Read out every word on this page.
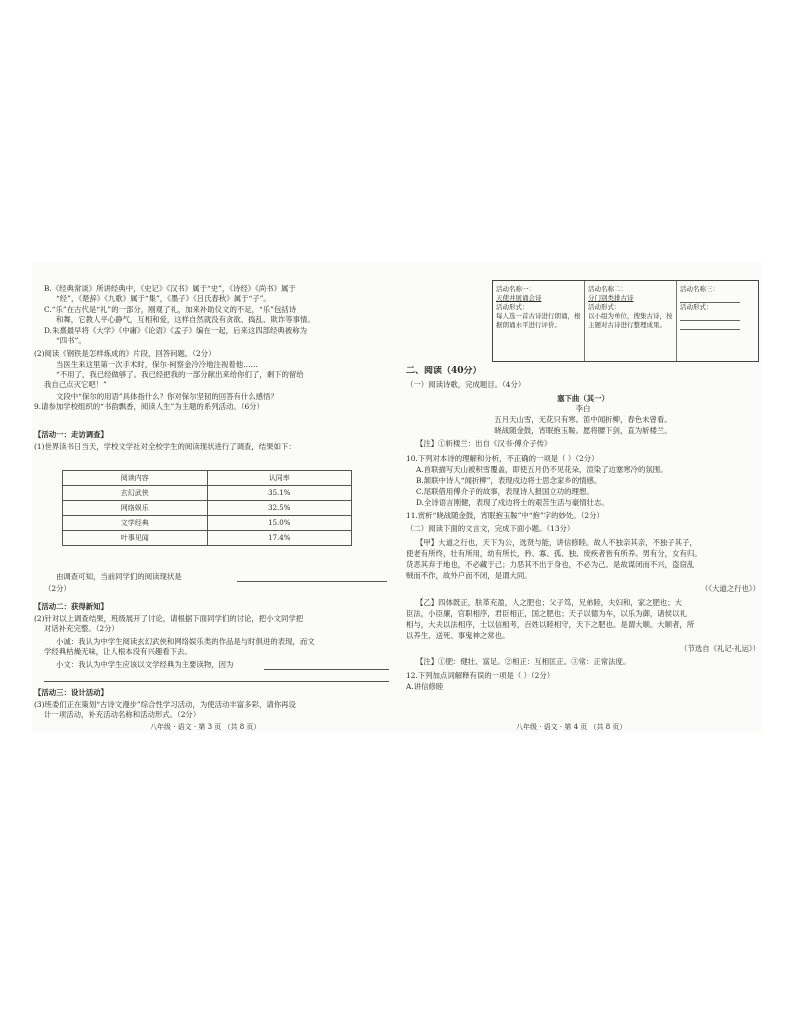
B.《经典常谈》所讲经典中，《史记》《汉书》属于“史”，《诗经》《尚书》属于
“经”，《楚辞》《九歌》属于“集”，《墨子》《吕氏春秋》属于“子”。
C.“乐”在古代是“礼”的一部分，刚观了礼，加来补助仪文的不足，“乐”包括诗
和舞，它教人平心静气，互相和爱，这样自然就没有贪欲、捣乱、欺诈等事情。
D.朱熹最早将《大学》《中庸》《论语》《孟子》编在一起，后来这四部经典被称为
“四书”。
(2)阅读《钢铁是怎样炼成的》片段，回答问题。（2分）
当医生来这里第一次手术时，保尔·柯察金冷冷地注视着他……
“不用了，我已经做够了。我已经把我的一部分献出来给你们了，剩下的留给
我自己点灭它吧！”
文段中“保尔的用语”具体指什么？你对保尔坚韧的回答有什么感悟？
9.请参加学校组织的“书韵飘香，阅读人生”为主题的系列活动。（6分）
【活动一：走访调查】
(1)世界读书日当天，学校文学社对全校学生的阅读现状进行了调查，结果如下：
阅读内容	认同率
玄幻武侠	35.1%
网络娱乐	32.5%
文学经典	15.0%
叶事见闻	17.4%
由调查可知，当前同学们的阅读现状是
（2分）
【活动二：获得新知】
(2)针对以上调查结果，班级展开了讨论，请根据下面同学们的讨论，把小文同学把
对话补充完整。（2分）
小诚：我认为中学生阅读玄幻武侠和网络娱乐类的作品是与时俱进的表现，而文
学经典枯燥无味，让人根本没有兴趣看下去。
小文：我认为中学生应该以文学经典为主要读物，因为
【活动三：设计活动】
(3)班委们正在策划“古诗文漫步”综合性学习活动，为使活动丰富多彩，请你再设
计一项活动，补充活动名称和活动形式。（2分）
八年级 · 语文 · 第 3 页 （共 8 页）
活动名称一：
天使并展诵会诗
活动形式：
每人选一首古诗进行朗诵，根据朗诵水平进行评价。
活动名称二：
分门别类排古诗
活动形式：
以小组为单位，搜集古诗，按主题对古诗进行整理成果。
活动名称三：
活动形式：

二、阅读（40分）
（一）阅读诗歌，完成题目。（4分）
塞下曲（其一）
李白
五月天山雪，无花只有寒。笛中闻折柳，春色未曾看。
晓战随金鼓，宵眠抱玉鞍。愿将腰下剑，直为斩楼兰。
【注】①斩楼兰：出自《汉书·傅介子传》
10.下列对本诗的理解和分析，不正确的一项是（ ）（2分）
A.首联描写天山被积雪覆盖，即使五月仍不见花朵，渲染了边塞寒冷的氛围。
B.颔联中诗人“闻折柳”，表现戍边将士思念家乡的情感。
C.尾联借用傅介子的故事，表现诗人报国立功的理想。
D.全诗语言刚健，表现了戍边将士的艰苦生活与豪情壮志。
11.赏析“晓战随金鼓，宵眠抱玉鞍”中“抱”字的妙处。（2分）
（二）阅读下面的文言文，完成下面小题。（13分）
【甲】大道之行也，天下为公，选贤与能，讲信修睦。故人不独亲其亲，不独子其子，
使老有所终，壮有所用，幼有所长，矜、寡、孤、独、废疾者皆有所养。男有分，女有归。
货恶其弃于地也，不必藏于己；力恶其不出于身也，不必为己。是故谋闭而不兴，盗窃乱
贼而不作，故外户而不闭，是谓大同。
（《大道之行也》）
【乙】四体既正，肤革充盈，人之肥也；父子笃，兄弟睦，夫妇和，家之肥也；大
臣法，小臣廉，官职相序，君臣相正，国之肥也；天子以德为车，以乐为御，诸侯以礼
相与，大夫以法相序，士以信相考，百姓以睦相守，天下之肥也。是谓大顺。大顺者，所
以养生、送死、事鬼神之常也。
（节选自《礼记·礼运》）
【注】①肥：健壮、富足。②相正：互相匡正。③常：正常法度。
12.下列加点词解释有误的一项是（ ）（2分）
A.讲信修睦
八年级 · 语文 · 第 4 页 （共 8 页）
